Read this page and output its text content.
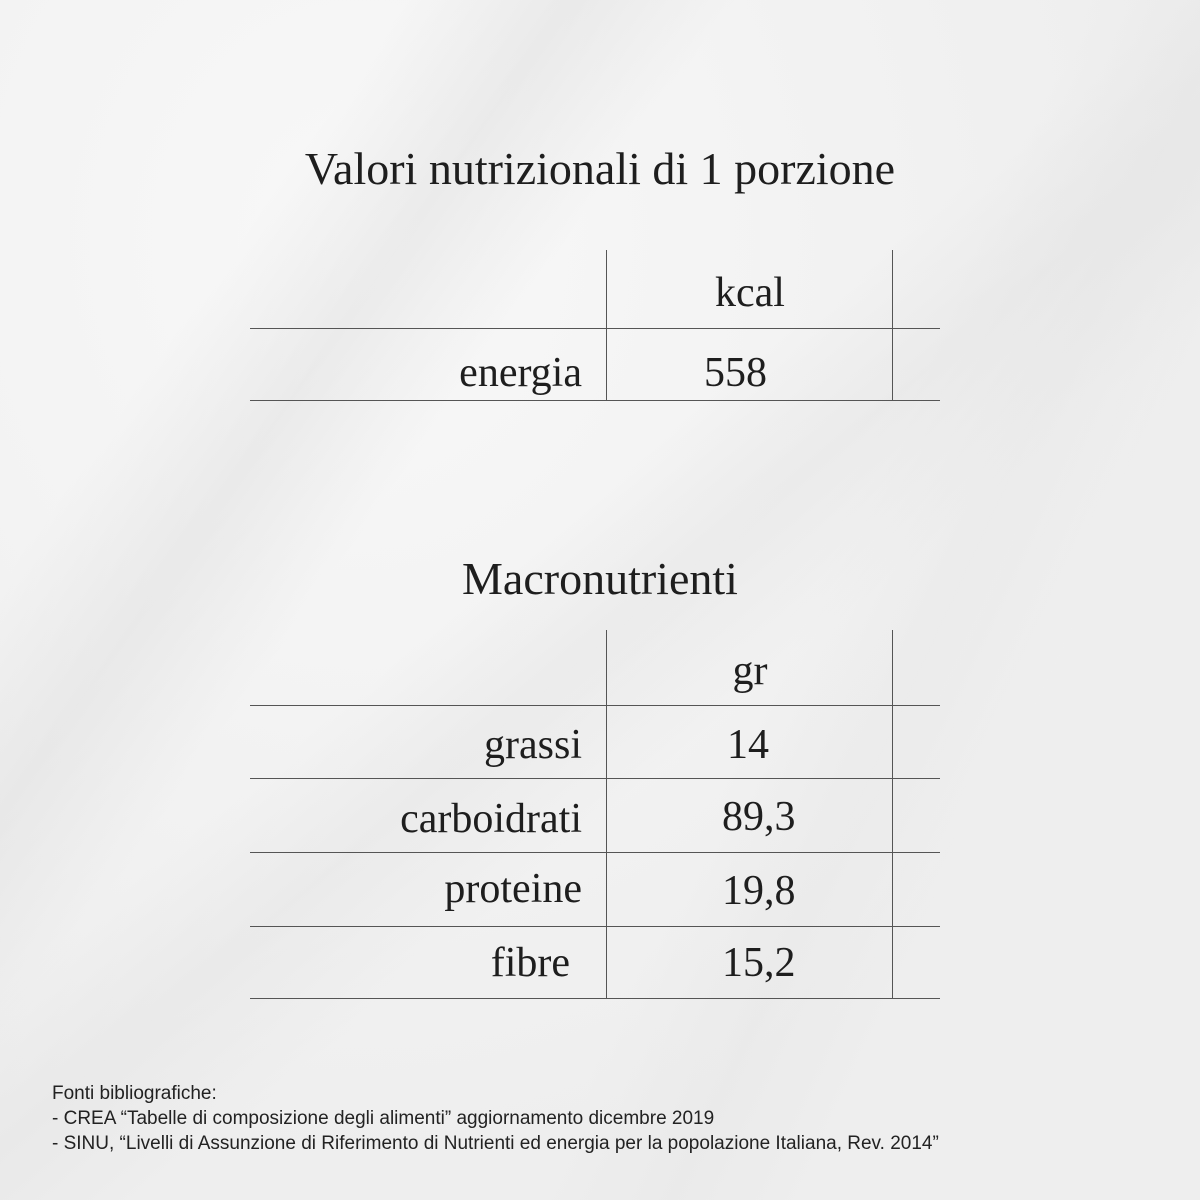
Valori nutrizionali di 1 porzione
kcal
energia	558
Macronutrienti
gr
grassi	14
carboidrati	89,3
proteine	19,8
fibre	15,2
Fonti bibliografiche:
- CREA “Tabelle di composizione degli alimenti” aggiornamento dicembre 2019
- SINU, “Livelli di Assunzione di Riferimento di Nutrienti ed energia per la popolazione Italiana, Rev. 2014”
